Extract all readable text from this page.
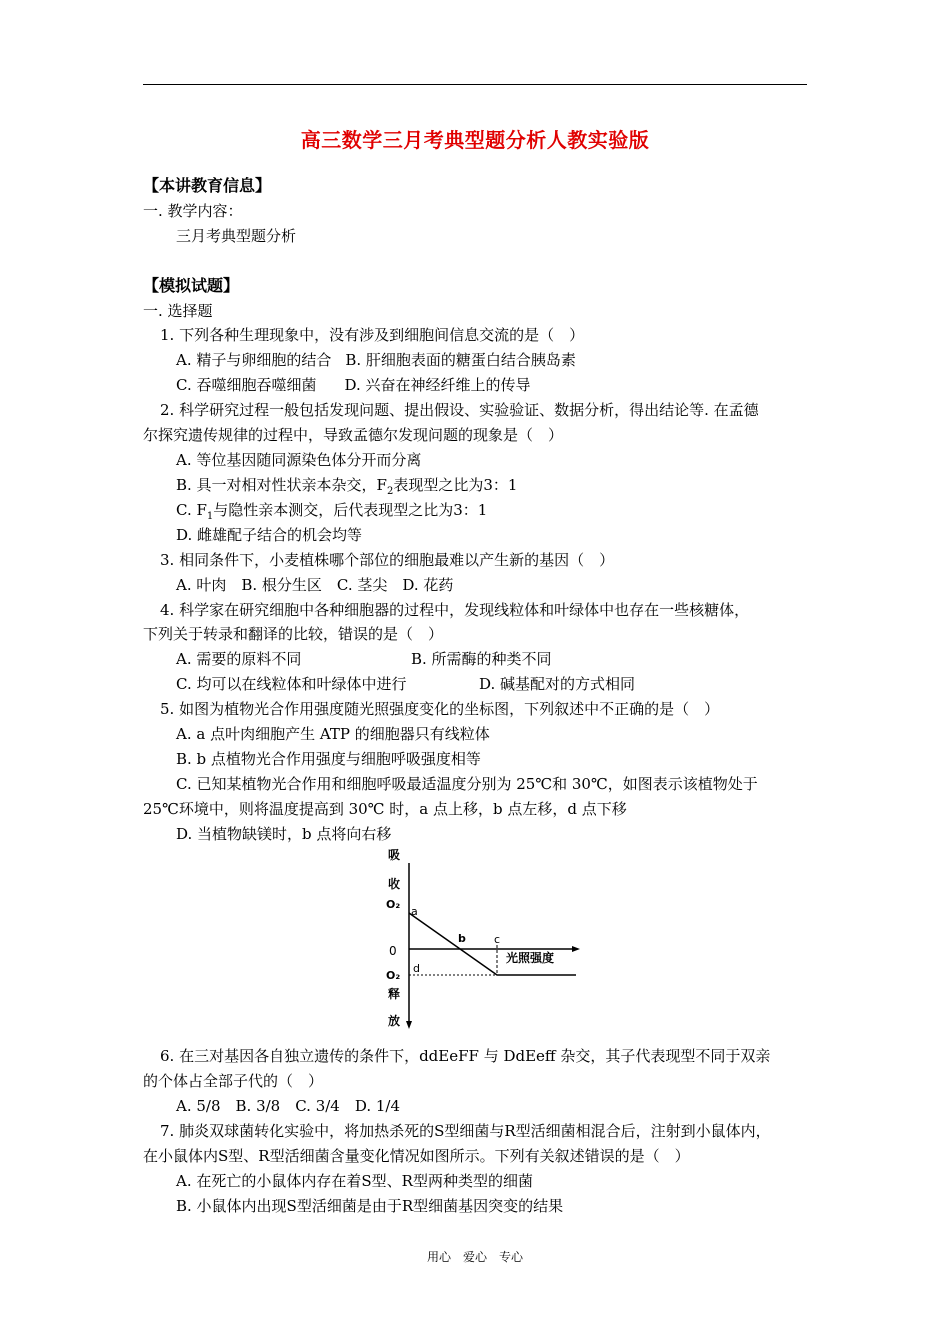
高三数学三月考典型题分析人教实验版
【本讲教育信息】
一. 教学内容：
三月考典型题分析
【模拟试题】
一. 选择题
1. 下列各种生理现象中，没有涉及到细胞间信息交流的是（　）
A. 精子与卵细胞的结合 B. 肝细胞表面的糖蛋白结合胰岛素
C. 吞噬细胞吞噬细菌 D. 兴奋在神经纤维上的传导
2. 科学研究过程一般包括发现问题、提出假设、实验验证、数据分析，得出结论等. 在孟德
尔探究遗传规律的过程中，导致孟德尔发现问题的现象是（　）
A. 等位基因随同源染色体分开而分离
B. 具一对相对性状亲本杂交，$F_2$表现型之比为3：1
C. $F_1$与隐性亲本测交，后代表现型之比为3：1
D. 雌雄配子结合的机会均等
3. 相同条件下，小麦植株哪个部位的细胞最难以产生新的基因（　）
A. 叶肉　B. 根分生区　C. 茎尖　D. 花药
4. 科学家在研究细胞中各种细胞器的过程中，发现线粒体和叶绿体中也存在一些核糖体，
下列关于转录和翻译的比较，错误的是（　）
A. 需要的原料不同	B. 所需酶的种类不同
C. 均可以在线粒体和叶绿体中进行	D. 碱基配对的方式相同
5. 如图为植物光合作用强度随光照强度变化的坐标图，下列叙述中不正确的是（　）
A. a 点叶肉细胞产生 ATP 的细胞器只有线粒体
B. b 点植物光合作用强度与细胞呼吸强度相等
C. 已知某植物光合作用和细胞呼吸最适温度分别为 25℃和 30℃，如图表示该植物处于
25℃环境中，则将温度提高到 30℃ 时，a 点上移，b 点左移，d 点下移
D. 当植物缺镁时，b 点将向右移
吸
收
O₂
0
O₂
释
放
a
b	c
d
光照强度
6. 在三对基因各自独立遗传的条件下，ddEeFF 与 DdEeff 杂交，其子代表现型不同于双亲
的个体占全部子代的（　）
A. 5/8　B. 3/8　C. 3/4　D. 1/4
7. 肺炎双球菌转化实验中，将加热杀死的S型细菌与R型活细菌相混合后，注射到小鼠体内，
在小鼠体内S型、R型活细菌含量变化情况如图所示。下列有关叙述错误的是（　）
A. 在死亡的小鼠体内存在着S型、R型两种类型的细菌
B. 小鼠体内出现S型活细菌是由于R型细菌基因突变的结果
用心　爱心　专心
